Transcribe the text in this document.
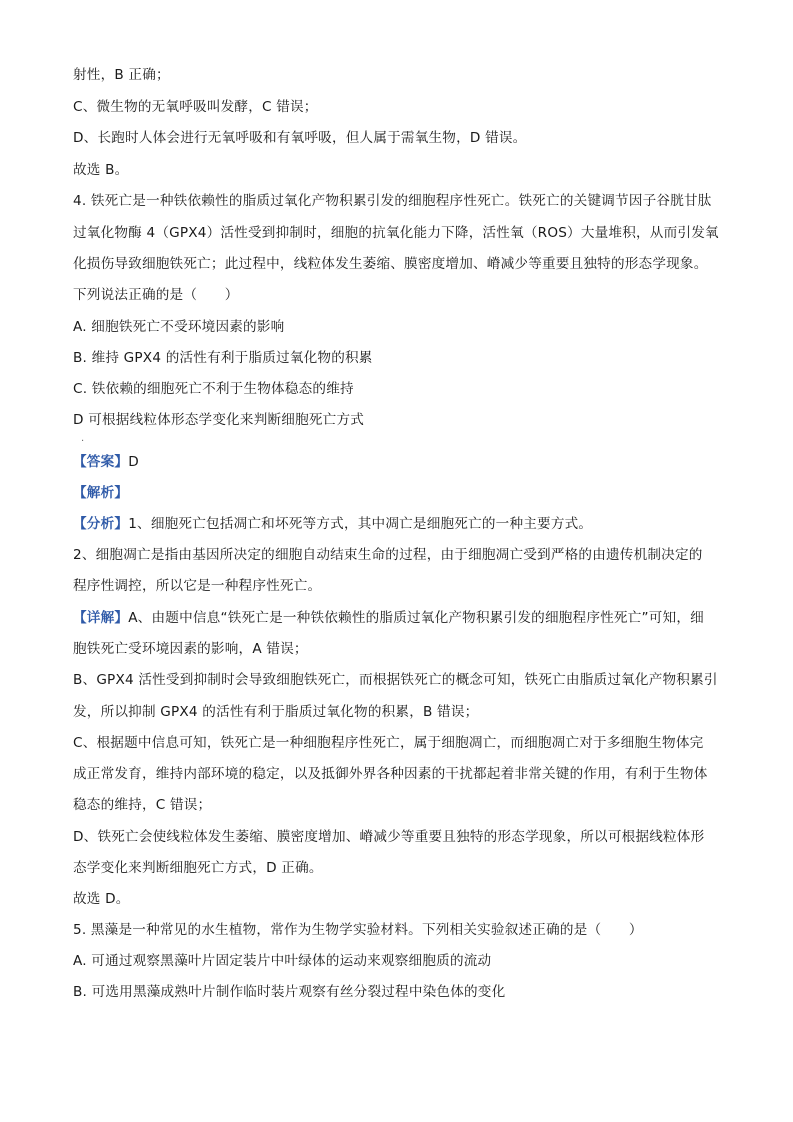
射性，B 正确；
C、微生物的无氧呼吸叫发酵，C 错误；
D、长跑时人体会进行无氧呼吸和有氧呼吸，但人属于需氧生物，D 错误。
故选 B。
4. 铁死亡是一种铁依赖性的脂质过氧化产物积累引发的细胞程序性死亡。铁死亡的关键调节因子谷胱甘肽
过氧化物酶 4（GPX4）活性受到抑制时，细胞的抗氧化能力下降，活性氧（ROS）大量堆积，从而引发氧
化损伤导致细胞铁死亡；此过程中，线粒体发生萎缩、膜密度增加、嵴减少等重要且独特的形态学现象。
下列说法正确的是（　　）
A. 细胞铁死亡不受环境因素的影响
B. 维持 GPX4 的活性有利于脂质过氧化物的积累
C. 铁依赖的细胞死亡不利于生物体稳态的维持
D 可根据线粒体形态学变化来判断细胞死亡方式
.
【答案】D
【解析】
【分析】1、细胞死亡包括凋亡和坏死等方式，其中凋亡是细胞死亡的一种主要方式。
2、细胞凋亡是指由基因所决定的细胞自动结束生命的过程，由于细胞凋亡受到严格的由遗传机制决定的
程序性调控，所以它是一种程序性死亡。
【详解】A、由题中信息“铁死亡是一种铁依赖性的脂质过氧化产物积累引发的细胞程序性死亡”可知，细
胞铁死亡受环境因素的影响，A 错误；
B、GPX4 活性受到抑制时会导致细胞铁死亡，而根据铁死亡的概念可知，铁死亡由脂质过氧化产物积累引
发，所以抑制 GPX4 的活性有利于脂质过氧化物的积累，B 错误；
C、根据题中信息可知，铁死亡是一种细胞程序性死亡，属于细胞凋亡，而细胞凋亡对于多细胞生物体完
成正常发育，维持内部环境的稳定，以及抵御外界各种因素的干扰都起着非常关键的作用，有利于生物体
稳态的维持，C 错误；
D、铁死亡会使线粒体发生萎缩、膜密度增加、嵴减少等重要且独特的形态学现象，所以可根据线粒体形
态学变化来判断细胞死亡方式，D 正确。
故选 D。
5. 黑藻是一种常见的水生植物，常作为生物学实验材料。下列相关实验叙述正确的是（　　）
A. 可通过观察黑藻叶片固定装片中叶绿体的运动来观察细胞质的流动
B. 可选用黑藻成熟叶片制作临时装片观察有丝分裂过程中染色体的变化
